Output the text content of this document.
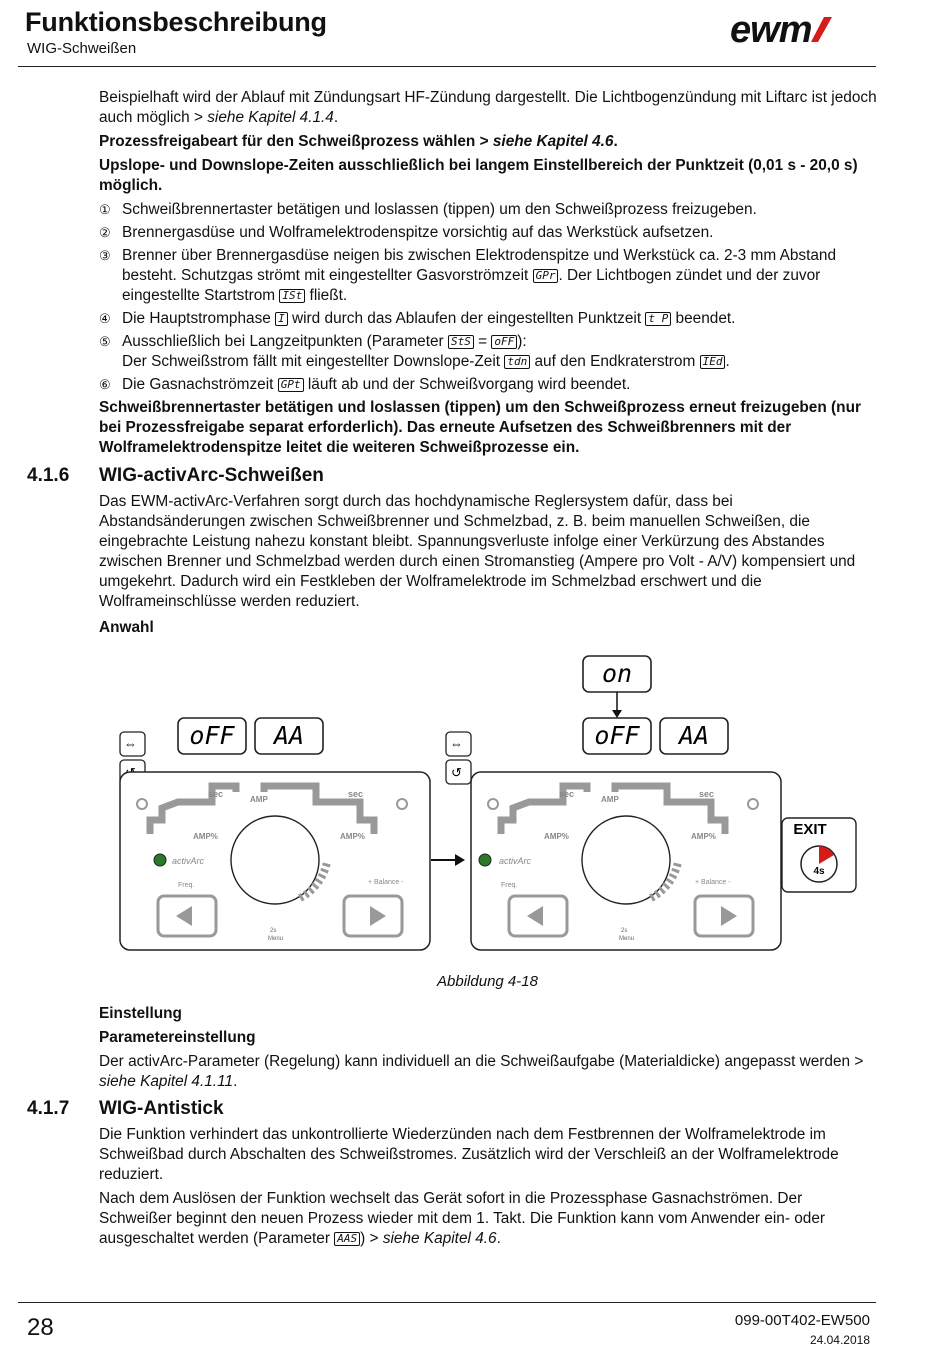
Funktionsbeschreibung
WIG-Schweißen	ewm

Beispielhaft wird der Ablauf mit Zündungsart HF-Zündung dargestellt. Die Lichtbogenzündung mit Liftarc ist jedoch auch möglich > siehe Kapitel 4.1.4.

Prozessfreigabeart für den Schweißprozess wählen > siehe Kapitel 4.6.

Upslope- und Downslope-Zeiten ausschließlich bei langem Einstellbereich der Punktzeit (0,01 s - 20,0 s) möglich.

① Schweißbrennertaster betätigen und loslassen (tippen) um den Schweißprozess freizugeben.
② Brennergasdüse und Wolframelektrodenspitze vorsichtig auf das Werkstück aufsetzen.
③ Brenner über Brennergasdüse neigen bis zwischen Elektrodenspitze und Werkstück ca. 2-3 mm Abstand besteht. Schutzgas strömt mit eingestellter Gasvorströmzeit GPr . Der Lichtbogen zündet und der zuvor eingestellte Startstrom ISt fließt.
④ Die Hauptstromphase I wird durch das Ablaufen der eingestellten Punktzeit t P beendet.
⑤ Ausschließlich bei Langzeitpunkten (Parameter StS = oFF ):
Der Schweißstrom fällt mit eingestellter Downslope-Zeit tdn auf den Endkraterstrom IEd .
⑥ Die Gasnachströmzeit GPt läuft ab und der Schweißvorgang wird beendet.

Schweißbrennertaster betätigen und loslassen (tippen) um den Schweißprozess erneut freizugeben (nur bei Prozessfreigabe separat erforderlich). Das erneute Aufsetzen des Schweißbrenners mit der Wolframelektrodenspitze leitet die weiteren Schweißprozesse ein.

4.1.6 WIG-activArc-Schweißen

Das EWM-activArc-Verfahren sorgt durch das hochdynamische Reglersystem dafür, dass bei Abstandsänderungen zwischen Schweißbrenner und Schmelzbad, z. B. beim manuellen Schweißen, die eingebrachte Leistung nahezu konstant bleibt. Spannungsverluste infolge einer Verkürzung des Abstandes zwischen Brenner und Schmelzbad werden durch einen Stromanstieg (Ampere pro Volt - A/V) kompensiert und umgekehrt. Dadurch wird ein Festkleben der Wolframelektrode im Schmelzbad erschwert und die Wolframeinschlüsse werden reduziert.

Anwahl

⇔ oFF AA
sec
AMP
sec
AMP%	AMP%
activArc
Freq.	+ Balance -
2s
Menu
⇔
↺
on
oFF AA
sec
AMP
sec
AMP%	AMP%
activArc
Freq.	+ Balance -
2s
Menu
EXIT
4s
Abbildung 4-18

Einstellung

Parametereinstellung

Der activArc-Parameter (Regelung) kann individuell an die Schweißaufgabe (Materialdicke) angepasst werden > siehe Kapitel 4.1.11.

4.1.7 WIG-Antistick

Die Funktion verhindert das unkontrollierte Wiederzünden nach dem Festbrennen der Wolframelektrode im Schweißbad durch Abschalten des Schweißstromes. Zusätzlich wird der Verschleiß an der Wolframelektrode reduziert.

Nach dem Auslösen der Funktion wechselt das Gerät sofort in die Prozessphase Gasnachströmen. Der Schweißer beginnt den neuen Prozess wieder mit dem 1. Takt. Die Funktion kann vom Anwender ein- oder ausgeschaltet werden (Parameter AAS ) > siehe Kapitel 4.6.

28	099-00T402-EW500
24.04.2018
